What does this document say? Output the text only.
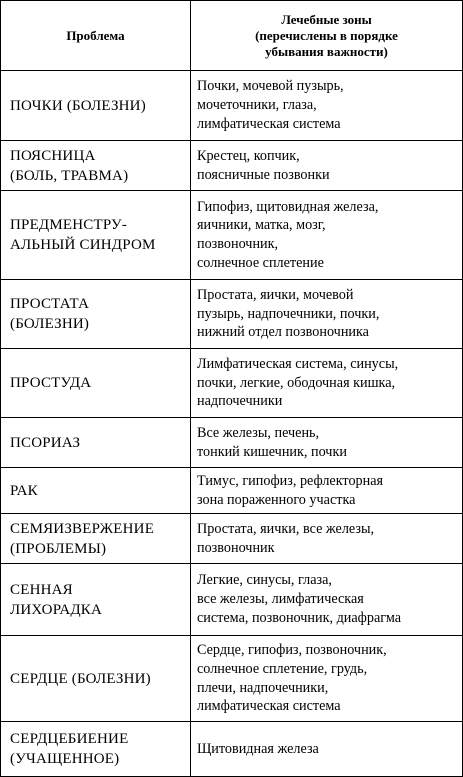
Проблема	Лечебные зоны
(перечислены в порядке
убывания важности)
ПОЧКИ (БОЛЕЗНИ)	Почки, мочевой пузырь,
мочеточники, глаза,
лимфатическая система
ПОЯСНИЦА
(БОЛЬ, ТРАВМА)	Крестец, копчик,
поясничные позвонки
ПРЕДМЕНСТРУ-
АЛЬНЫЙ СИНДРОМ	Гипофиз, щитовидная железа,
яичники, матка, мозг,
позвоночник,
солнечное сплетение
ПРОСТАТА
(БОЛЕЗНИ)	Простата, яички, мочевой
пузырь, надпочечники, почки,
нижний отдел позвоночника
ПРОСТУДА	Лимфатическая система, синусы,
почки, легкие, ободочная кишка,
надпочечники
ПСОРИАЗ	Все железы, печень,
тонкий кишечник, почки
РАК	Тимус, гипофиз, рефлекторная
зона пораженного участка
СЕМЯИЗВЕРЖЕНИЕ
(ПРОБЛЕМЫ)	Простата, яички, все железы,
позвоночник
СЕННАЯ
ЛИХОРАДКА	Легкие, синусы, глаза,
все железы, лимфатическая
система, позвоночник, диафрагма
СЕРДЦЕ (БОЛЕЗНИ)	Сердце, гипофиз, позвоночник,
солнечное сплетение, грудь,
плечи, надпочечники,
лимфатическая система
СЕРДЦЕБИЕНИЕ
(УЧАЩЕННОЕ)	Щитовидная железа
